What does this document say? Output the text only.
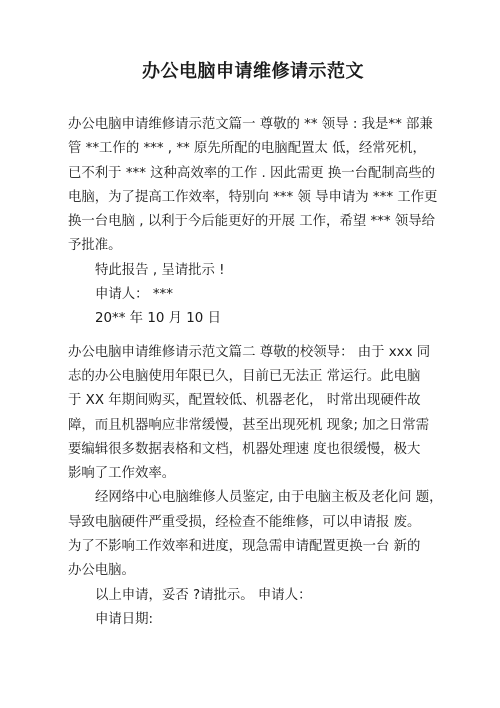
办公电脑申请维修请示范文
办公电脑申请维修请示范文篇一 尊敬的 ** 领导 : 我是** 部兼
管 **工作的 *** , ** 原先所配的电脑配置太 低，经常死机，
已不利于 *** 这种高效率的工作 . 因此需更 换一台配制高些的
电脑，为了提高工作效率，特别向 *** 领 导申请为 *** 工作更
换一台电脑 , 以利于今后能更好的开展 工作，希望 *** 领导给
予批准。
特此报告 , 呈请批示 !
申请人： ***
20** 年 10 月 10 日
办公电脑申请维修请示范文篇二 尊敬的校领导： 由于 xxx 同
志的办公电脑使用年限已久，目前已无法正 常运行。此电脑
于 XX 年期间购买，配置较低、机器老化， 时常出现硬件故
障，而且机器响应非常缓慢，甚至出现死机 现象; 加之日常需
要编辑很多数据表格和文档，机器处理速 度也很缓慢，极大
影响了工作效率。
经网络中心电脑维修人员鉴定, 由于电脑主板及老化问 题，
导致电脑硬件严重受损，经检查不能维修，可以申请报 废。
为了不影响工作效率和进度，现急需申请配置更换一台 新的
办公电脑。
以上申请，妥否 ?请批示。 申请人：
申请日期:
